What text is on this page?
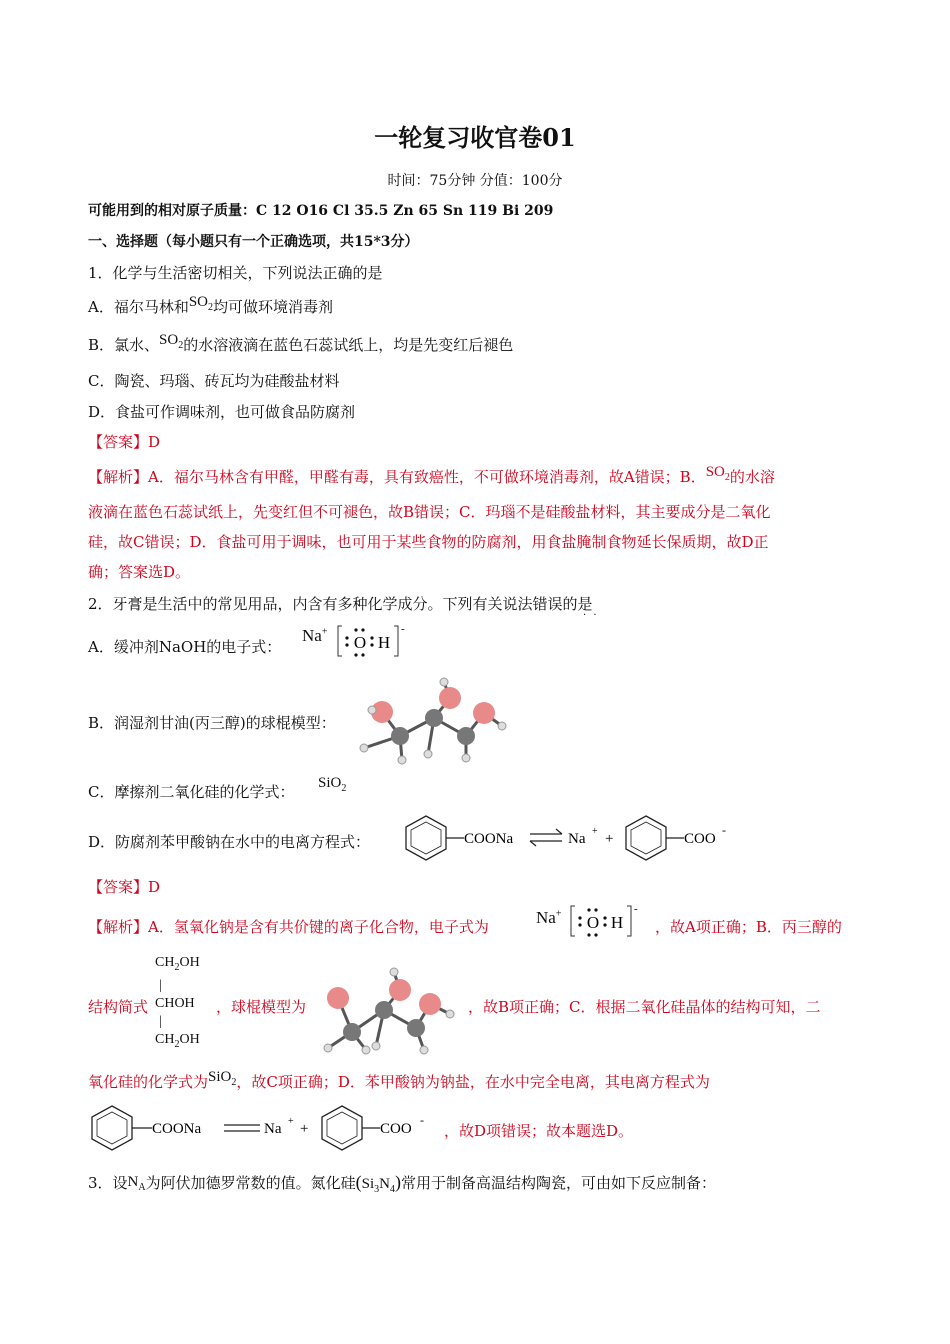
一轮复习收官卷01
时间：75分钟 分值：100分
可能用到的相对原子质量：C 12 O16 Cl 35.5 Zn 65 Sn 119 Bi 209
一、选择题（每小题只有一个正确选项，共15*3分）
1．化学与生活密切相关，下列说法正确的是
A．福尔马林和$SO_2$均可做环境消毒剂
B．氯水、$SO_2$的水溶液滴在蓝色石蕊试纸上，均是先变红后褪色
C．陶瓷、玛瑙、砖瓦均为硅酸盐材料
D．食盐可作调味剂，也可做食品防腐剂
【答案】D
【解析】A．福尔马林含有甲醛，甲醛有毒，具有致癌性，不可做环境消毒剂，故A错误；B．$SO_2$的水溶
液滴在蓝色石蕊试纸上，先变红但不可褪色，故B错误；C．玛瑙不是硅酸盐材料，其主要成分是二氧化
硅，故C错误；D．食盐可用于调味，也可用于某些食物的防腐剂，用食盐腌制食物延长保质期，故D正
确；答案选D。
2．牙膏是生活中的常见用品，内含有多种化学成分。下列有关说法错误的是
· ·
A．缓冲剂NaOH的电子式：
Na+
O H
-
B．润湿剂甘油(丙三醇)的球棍模型：
C．摩擦剂二氧化硅的化学式： SiO$_2$
D．防腐剂苯甲酸钠在水中的电离方程式：	COONa	Na + +	COO
-
【答案】D
【解析】A．氢氧化钠是含有共价键的离子化合物，电子式为	Na+ O H
-
，故A项正确；B．丙三醇的
$CH_2OH$
|
CHOH
|
$CH_2OH$
结构简式	，球棍模型为	，故B项正确；C．根据二氧化硅晶体的结构可知，二
氧化硅的化学式为SiO$_2$，故C项正确；D．苯甲酸钠为钠盐，在水中完全电离，其电离方程式为
COONa	Na + +	COO
-
，故D项错误；故本题选D。
3．设$N_A$为阿伏加德罗常数的值。氮化硅$(Si_3N_4)$常用于制备高温结构陶瓷，可由如下反应制备：
